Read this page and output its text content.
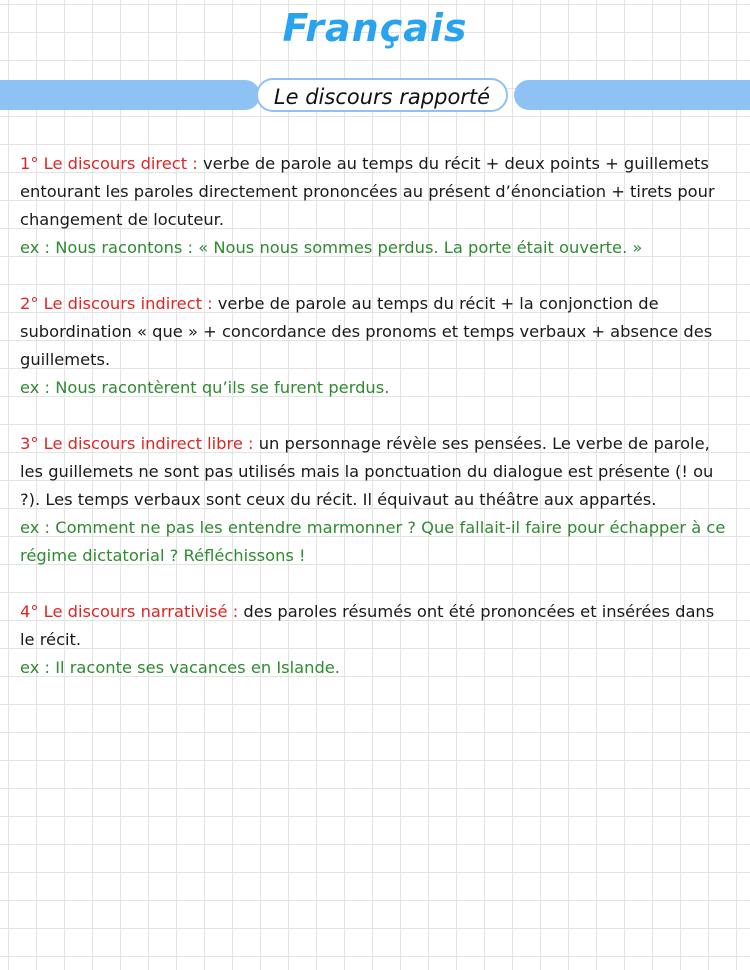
Français
Le discours rapporté

1° Le discours direct : verbe de parole au temps du récit + deux points + guillemets entourant les paroles directement prononcées au présent d’énonciation + tirets pour changement de locuteur.

ex : Nous racontons : « Nous nous sommes perdus. La porte était ouverte. »

2° Le discours indirect : verbe de parole au temps du récit + la conjonction de subordination « que » + concordance des pronoms et temps verbaux + absence des guillemets.

ex : Nous racontèrent qu’ils se furent perdus.

3° Le discours indirect libre : un personnage révèle ses pensées. Le verbe de parole, les guillemets ne sont pas utilisés mais la ponctuation du dialogue est présente (! ou ?). Les temps verbaux sont ceux du récit. Il équivaut au théâtre aux appartés.

ex : Comment ne pas les entendre marmonner ? Que fallait-il faire pour échapper à ce régime dictatorial ? Réfléchissons !

4° Le discours narrativisé : des paroles résumés ont été prononcées et insérées dans le récit.

ex : Il raconte ses vacances en Islande.
